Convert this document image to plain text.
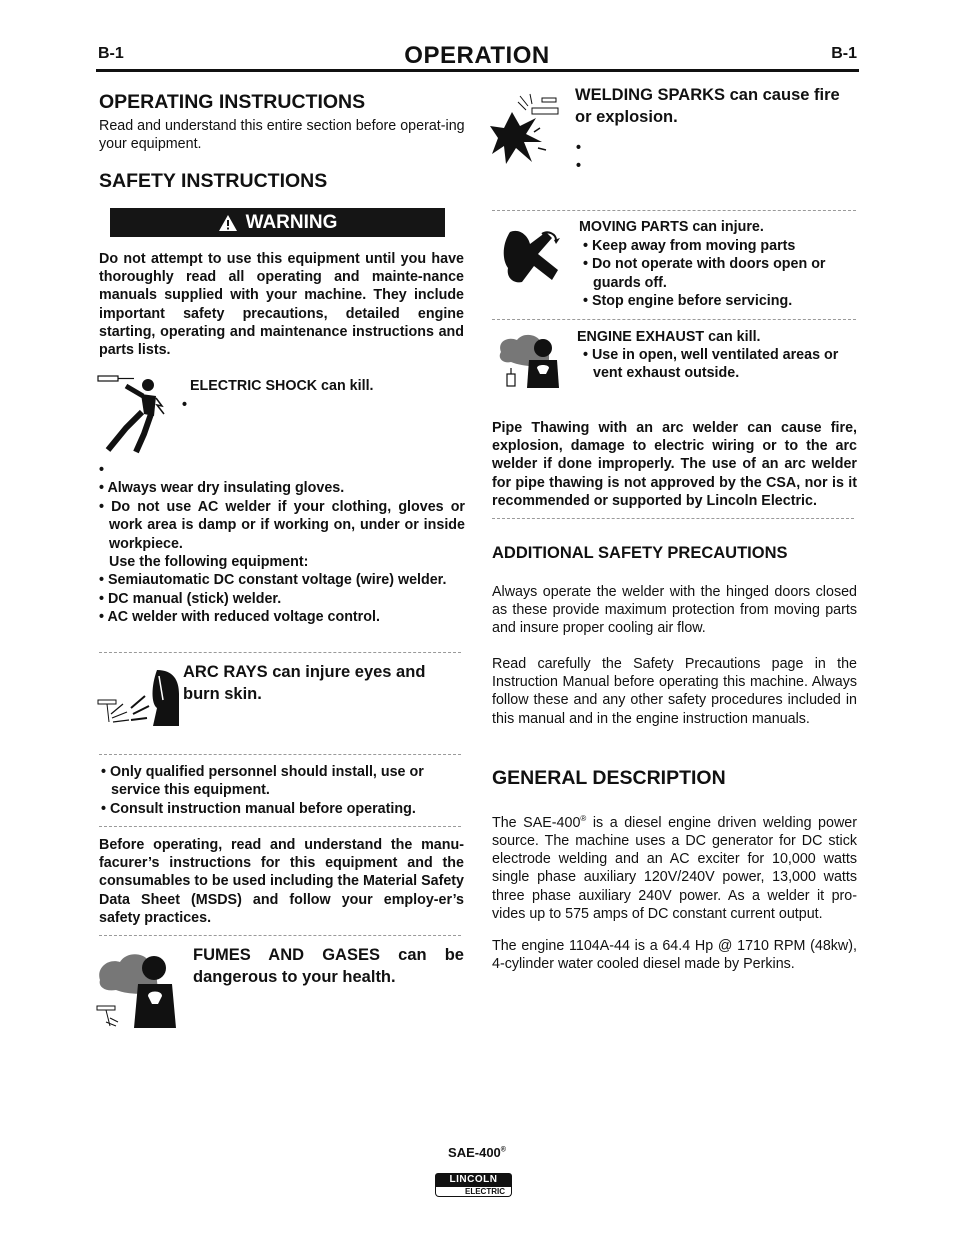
B-1	OPERATION	B-1
OPERATING INSTRUCTIONS
Read and understand this entire section before operat-ing your equipment.
SAFETY INSTRUCTIONS
WARNING
Do not attempt to use this equipment until you have thoroughly read all operating and mainte-nance manuals supplied with your machine. They include important safety precautions, detailed engine starting, operating and maintenance instructions and parts lists.
ELECTRIC SHOCK can kill.
•
•
• Always wear dry insulating gloves.
• Do not use AC welder if your clothing, gloves or work area is damp or if working on, under or inside workpiece.
Use the following equipment:
• Semiautomatic DC constant voltage (wire) welder.
• DC manual (stick) welder.
• AC welder with reduced voltage control.
ARC RAYS can injure eyes and burn skin.
• Only qualified personnel should install, use or service this equipment.
• Consult instruction manual before operating.
Before operating, read and understand the manu-facurer’s instructions for this equipment and the consumables to be used including the Material Safety Data Sheet (MSDS) and follow your employ-er’s safety practices.
FUMES AND GASES can be dangerous to your health.
WELDING SPARKS can cause fire or explosion.
•
•
MOVING PARTS can injure.
• Keep away from moving parts
• Do not operate with doors open or guards off.
• Stop engine before servicing.
ENGINE EXHAUST can kill.
• Use in open, well ventilated areas or vent exhaust outside.
Pipe Thawing with an arc welder can cause fire, explosion, damage to electric wiring or to the arc welder if done improperly. The use of an arc welder for pipe thawing is not approved by the CSA, nor is it recommended or supported by Lincoln Electric.
ADDITIONAL SAFETY PRECAUTIONS
Always operate the welder with the hinged doors closed as these provide maximum protection from moving parts and insure proper cooling air flow.
Read carefully the Safety Precautions page in the Instruction Manual before operating this machine. Always follow these and any other safety procedures included in this manual and in the engine instruction manuals.
GENERAL DESCRIPTION
The SAE-400® is a diesel engine driven welding power source. The machine uses a DC generator for DC stick electrode welding and an AC exciter for 10,000 watts single phase auxiliary 120V/240V power, 13,000 watts three phase auxiliary 240V power. As a welder it pro-vides up to 575 amps of DC constant current output.
The engine 1104A-44 is a 64.4 Hp @ 1710 RPM (48kw), 4-cylinder water cooled diesel made by Perkins.
SAE-400®
LINCOLN
ELECTRIC
